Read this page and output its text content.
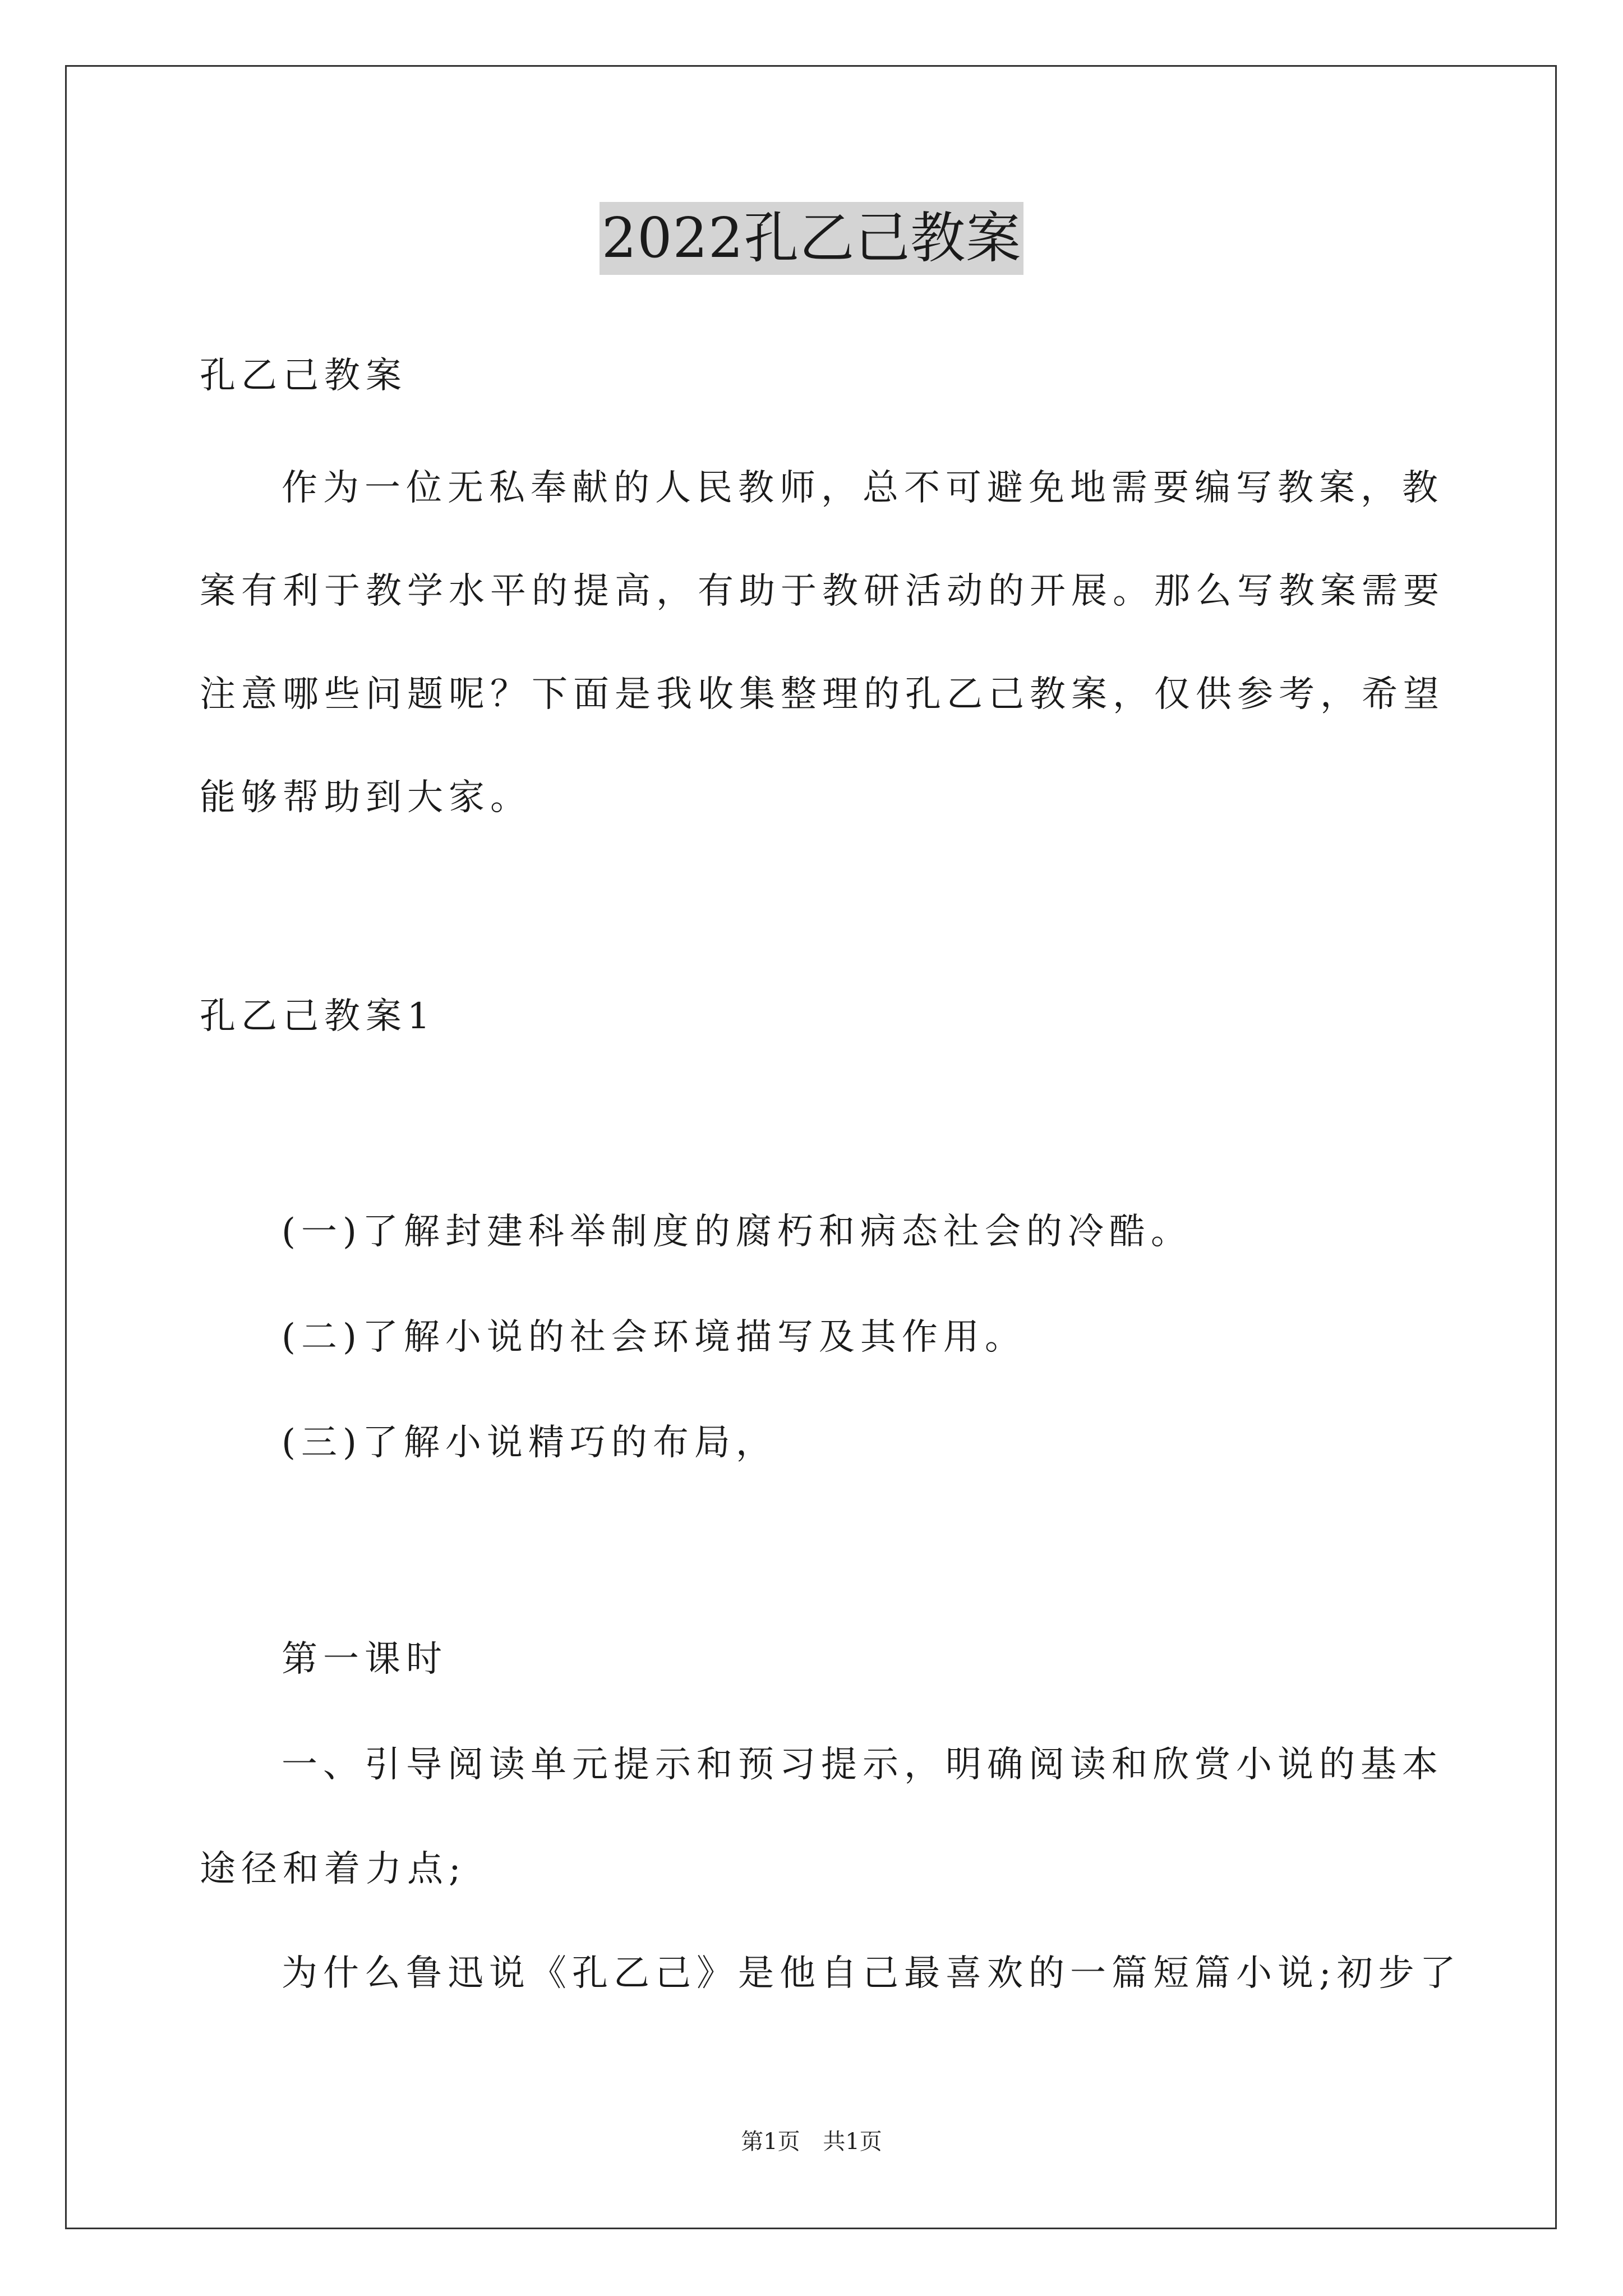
2022孔乙己教案
孔乙己教案
作为一位无私奉献的人民教师，总不可避免地需要编写教案，教
案有利于教学水平的提高，有助于教研活动的开展。那么写教案需要
注意哪些问题呢？下面是我收集整理的孔乙己教案，仅供参考，希望
能够帮助到大家。
孔乙己教案1
(一)了解封建科举制度的腐朽和病态社会的冷酷。
(二)了解小说的社会环境描写及其作用。
(三)了解小说精巧的布局，
第一课时
一、引导阅读单元提示和预习提示，明确阅读和欣赏小说的基本
途径和着力点;
为什么鲁迅说《孔乙己》是他自己最喜欢的一篇短篇小说;初步了
第1页 共1页
